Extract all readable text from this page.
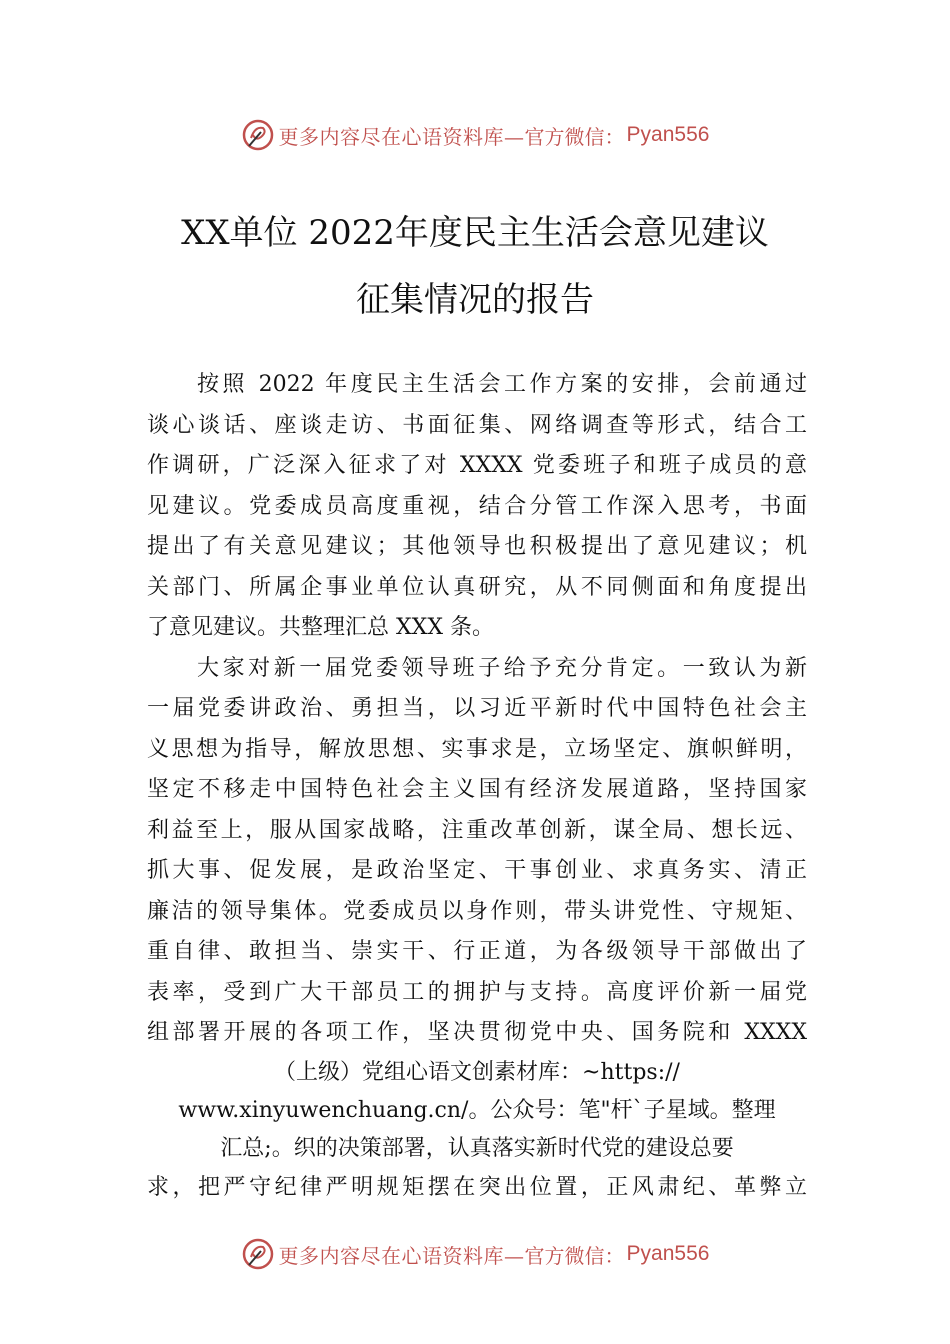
更多内容尽在心语资料库— 官方微信： Pyan556
XX单位 2022年度民主生活会意见建议
征集情况的报告
按照 2022 年度民主生活会工作方案的安排，会前通过
谈心谈话、座谈走访、书面征集、网络调查等形式，结合工
作调研，广泛深入征求了对 XXXX 党委班子和班子成员的意
见建议。党委成员高度重视，结合分管工作深入思考，书面
提出了有关意见建议；其他领导也积极提出了意见建议；机
关部门、所属企事业单位认真研究，从不同侧面和角度提出
了意见建议。共整理汇总 XXX 条。
大家对新一届党委领导班子给予充分肯定。一致认为新
一届党委讲政治、勇担当，以习近平新时代中国特色社会主
义思想为指导，解放思想、实事求是，立场坚定、旗帜鲜明，
坚定不移走中国特色社会主义国有经济发展道路，坚持国家
利益至上，服从国家战略，注重改革创新，谋全局、想长远、
抓大事、促发展，是政治坚定、干事创业、求真务实、清正
廉洁的领导集体。党委成员以身作则，带头讲党性、守规矩、
重自律、敢担当、崇实干、行正道，为各级领导干部做出了
表率，受到广大干部员工的拥护与支持。高度评价新一届党
组部署开展的各项工作，坚决贯彻党中央、国务院和 XXXX
（上级）党组心语文创素材库：~https://
www.xinyuwenchuang.cn/。公众号：笔"杆`子星域。整理
汇总;。织的决策部署，认真落实新时代党的建设总要
求，把严守纪律严明规矩摆在突出位置，正风肃纪、革弊立
更多内容尽在心语资料库— 官方微信： Pyan556
